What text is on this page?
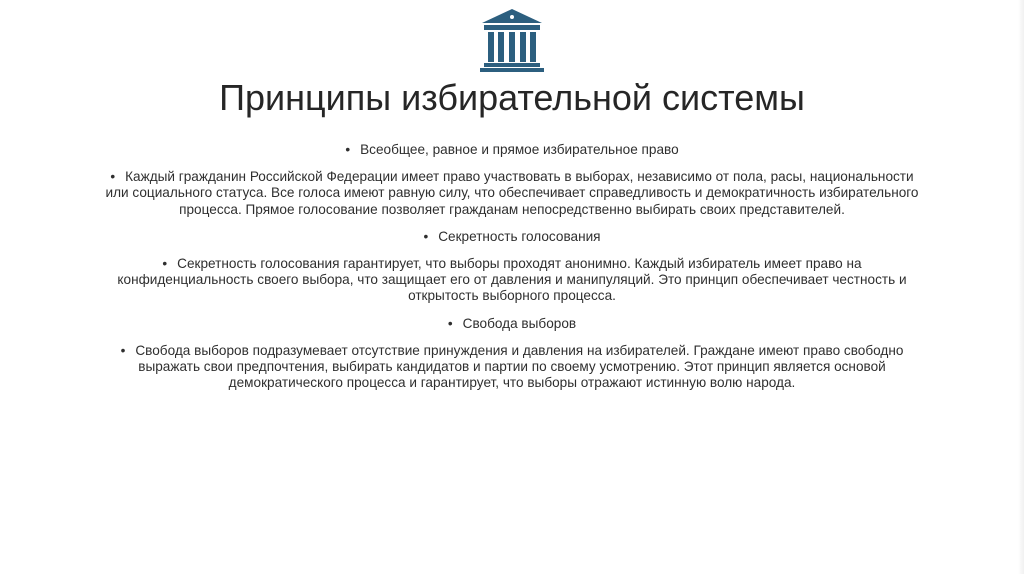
Принципы избирательной системы

• Всеобщее, равное и прямое избирательное право

• Каждый гражданин Российской Федерации имеет право участвовать в выборах, независимо от пола, расы, национальности или социального статуса. Все голоса имеют равную силу, что обеспечивает справедливость и демократичность избирательного процесса. Прямое голосование позволяет гражданам непосредственно выбирать своих представителей.

• Секретность голосования

• Секретность голосования гарантирует, что выборы проходят анонимно. Каждый избиратель имеет право на конфиденциальность своего выбора, что защищает его от давления и манипуляций. Это принцип обеспечивает честность и открытость выборного процесса.

• Свобода выборов

• Свобода выборов подразумевает отсутствие принуждения и давления на избирателей. Граждане имеют право свободно выражать свои предпочтения, выбирать кандидатов и партии по своему усмотрению. Этот принцип является основой демократического процесса и гарантирует, что выборы отражают истинную волю народа.
